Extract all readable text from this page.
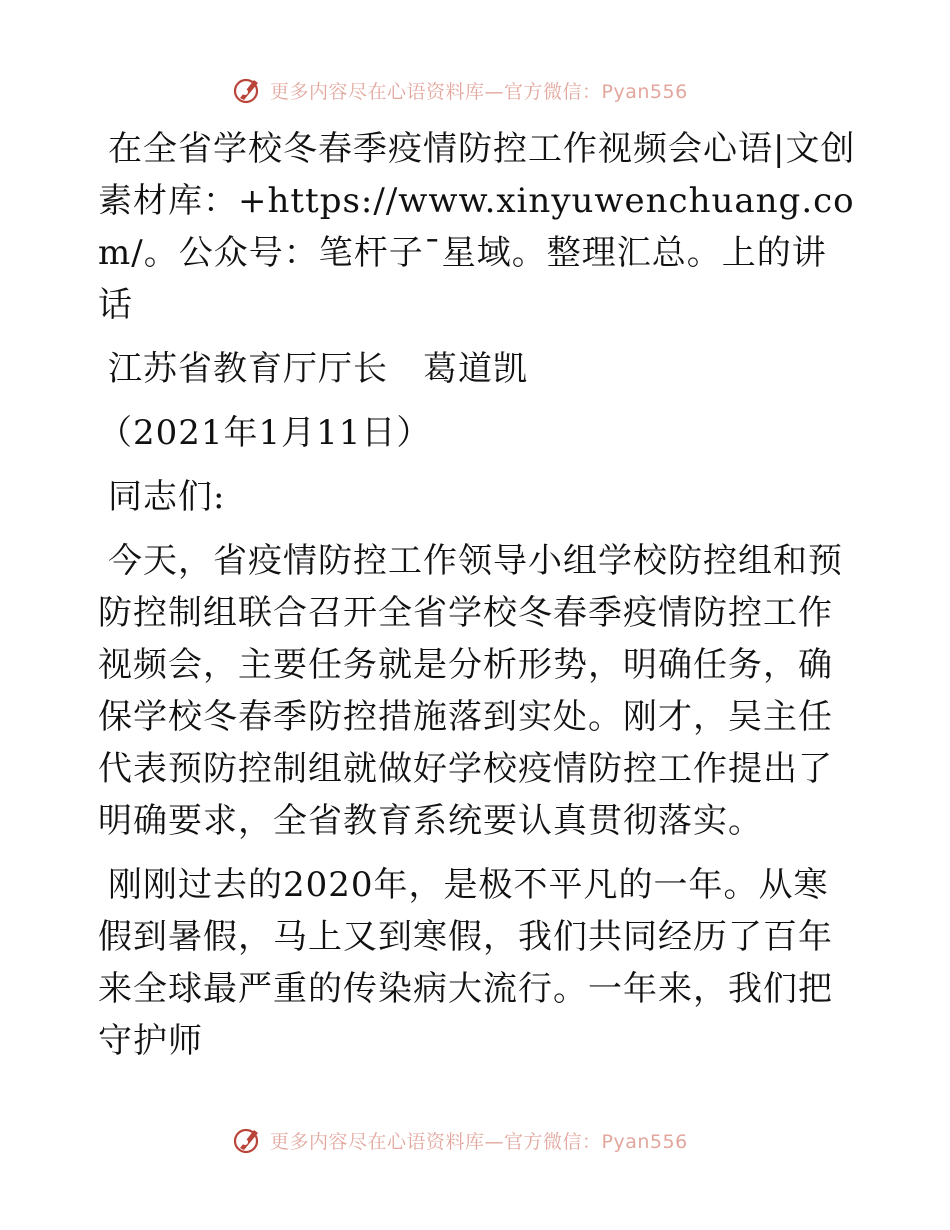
更多内容尽在心语资料库—官方微信：Pyan556

在全省学校冬春季疫情防控工作视频会心语|文创素材库：+https://www.xinyuwenchuang.com/。公众号：笔杆子¯星域。整理汇总。上的讲话

江苏省教育厅厅长　葛道凯

（2021年1月11日）

同志们:

今天，省疫情防控工作领导小组学校防控组和预防控制组联合召开全省学校冬春季疫情防控工作视频会，主要任务就是分析形势，明确任务，确保学校冬春季防控措施落到实处。刚才，吴主任代表预防控制组就做好学校疫情防控工作提出了明确要求，全省教育系统要认真贯彻落实。

刚刚过去的2020年，是极不平凡的一年。从寒假到暑假，马上又到寒假，我们共同经历了百年来全球最严重的传染病大流行。一年来，我们把守护师

更多内容尽在心语资料库—官方微信：Pyan556
